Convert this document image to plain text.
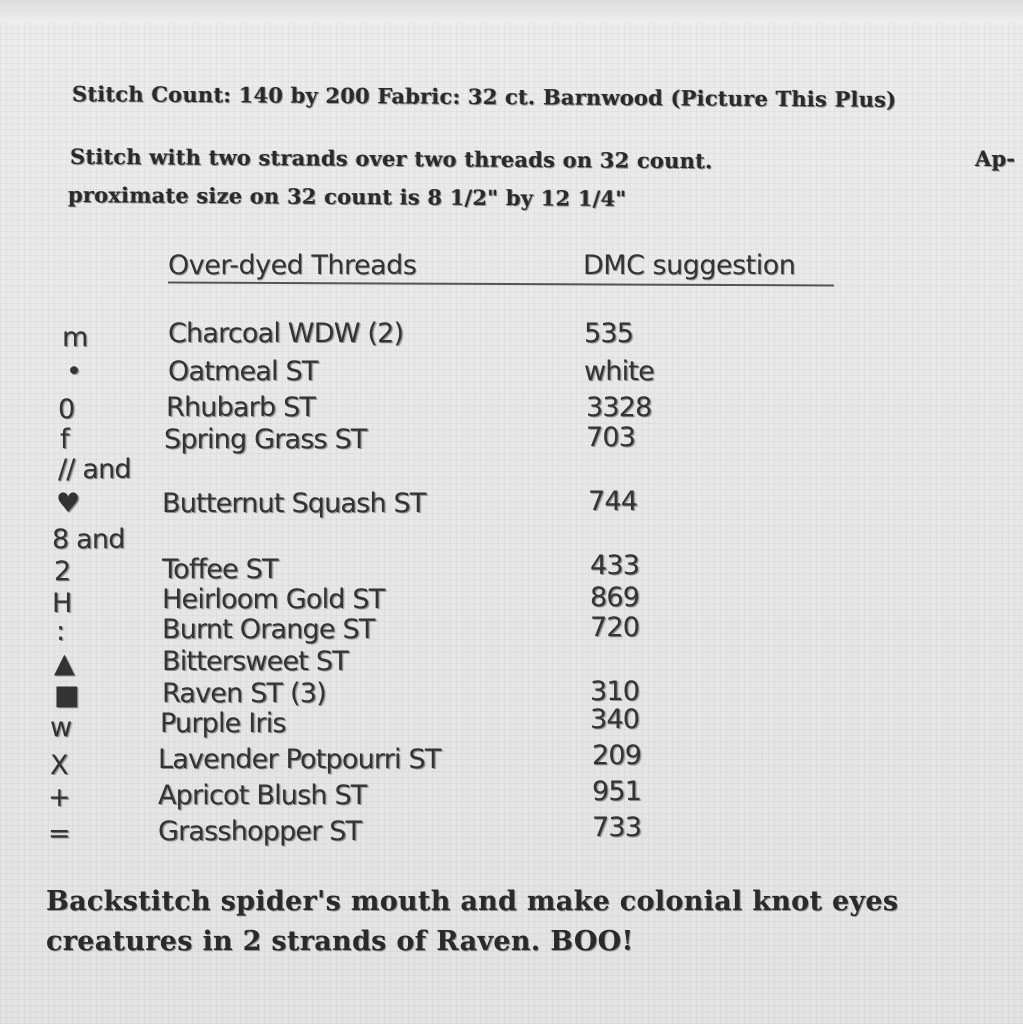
Stitch Count: 140 by 200 Fabric: 32 ct. Barnwood (Picture This Plus)
Stitch with two strands over two threads on 32 count.	Ap-
proximate size on 32 count is 8 1/2" by 12 1/4"
Over-dyed Threads	DMC suggestion
m
•
0
f
// and
♥
8 and
2
H
:
▲
■
w
X
+
=
Charcoal WDW (2)
Oatmeal ST
Rhubarb ST
Spring Grass ST
Butternut Squash ST
Toffee ST
Heirloom Gold ST
Burnt Orange ST
Bittersweet ST
Raven ST (3)
Purple Iris
Lavender Potpourri ST
Apricot Blush ST
Grasshopper ST
535
white
3328
703
744
433
869
720
310
340
209
951
733
Backstitch spider's mouth and make colonial knot eyes
creatures in 2 strands of Raven. BOO!
